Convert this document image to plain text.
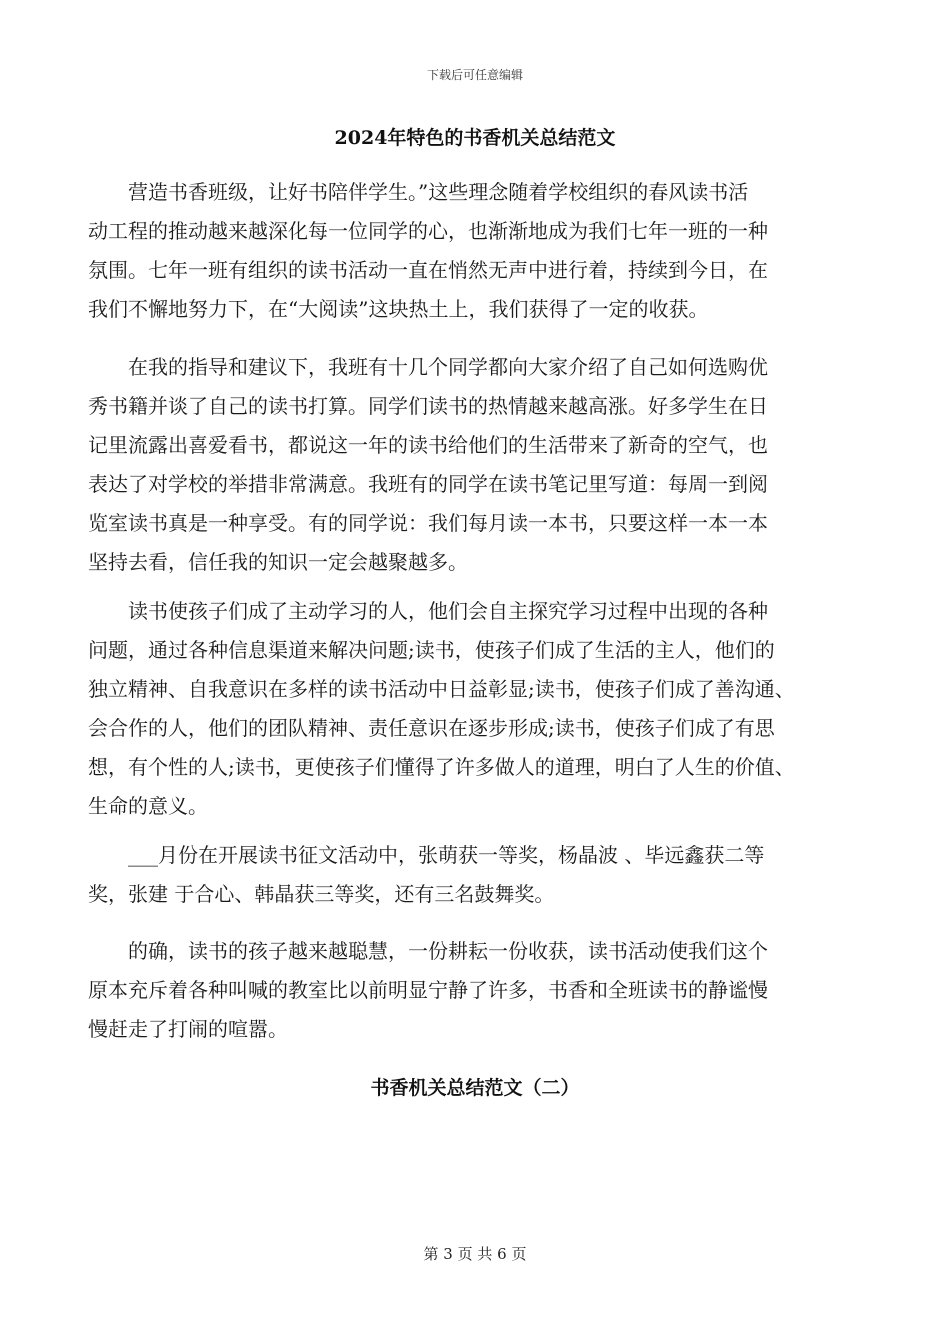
下载后可任意编辑
2024年特色的书香机关总结范文
　　营造书香班级，让好书陪伴学生。”这些理念随着学校组织的春风读书活
动工程的推动越来越深化每一位同学的心，也渐渐地成为我们七年一班的一种
氛围。七年一班有组织的读书活动一直在悄然无声中进行着，持续到今日，在
我们不懈地努力下，在“大阅读”这块热土上，我们获得了一定的收获。
　　在我的指导和建议下，我班有十几个同学都向大家介绍了自己如何选购优
秀书籍并谈了自己的读书打算。同学们读书的热情越来越高涨。好多学生在日
记里流露出喜爱看书，都说这一年的读书给他们的生活带来了新奇的空气，也
表达了对学校的举措非常满意。我班有的同学在读书笔记里写道：每周一到阅
览室读书真是一种享受。有的同学说：我们每月读一本书，只要这样一本一本
坚持去看，信任我的知识一定会越聚越多。
　　读书使孩子们成了主动学习的人，他们会自主探究学习过程中出现的各种
问题，通过各种信息渠道来解决问题;读书，使孩子们成了生活的主人，他们的
独立精神、自我意识在多样的读书活动中日益彰显;读书，使孩子们成了善沟通、
会合作的人，他们的团队精神、责任意识在逐步形成;读书，使孩子们成了有思
想，有个性的人;读书，更使孩子们懂得了许多做人的道理，明白了人生的价值、
生命的意义。
　　___月份在开展读书征文活动中，张萌获一等奖，杨晶波 、毕远鑫获二等
奖，张建 于合心、韩晶获三等奖，还有三名鼓舞奖。
　　的确，读书的孩子越来越聪慧，一份耕耘一份收获，读书活动使我们这个
原本充斥着各种叫喊的教室比以前明显宁静了许多，书香和全班读书的静谧慢
慢赶走了打闹的喧嚣。
书香机关总结范文（二）
第 3 页 共 6 页
